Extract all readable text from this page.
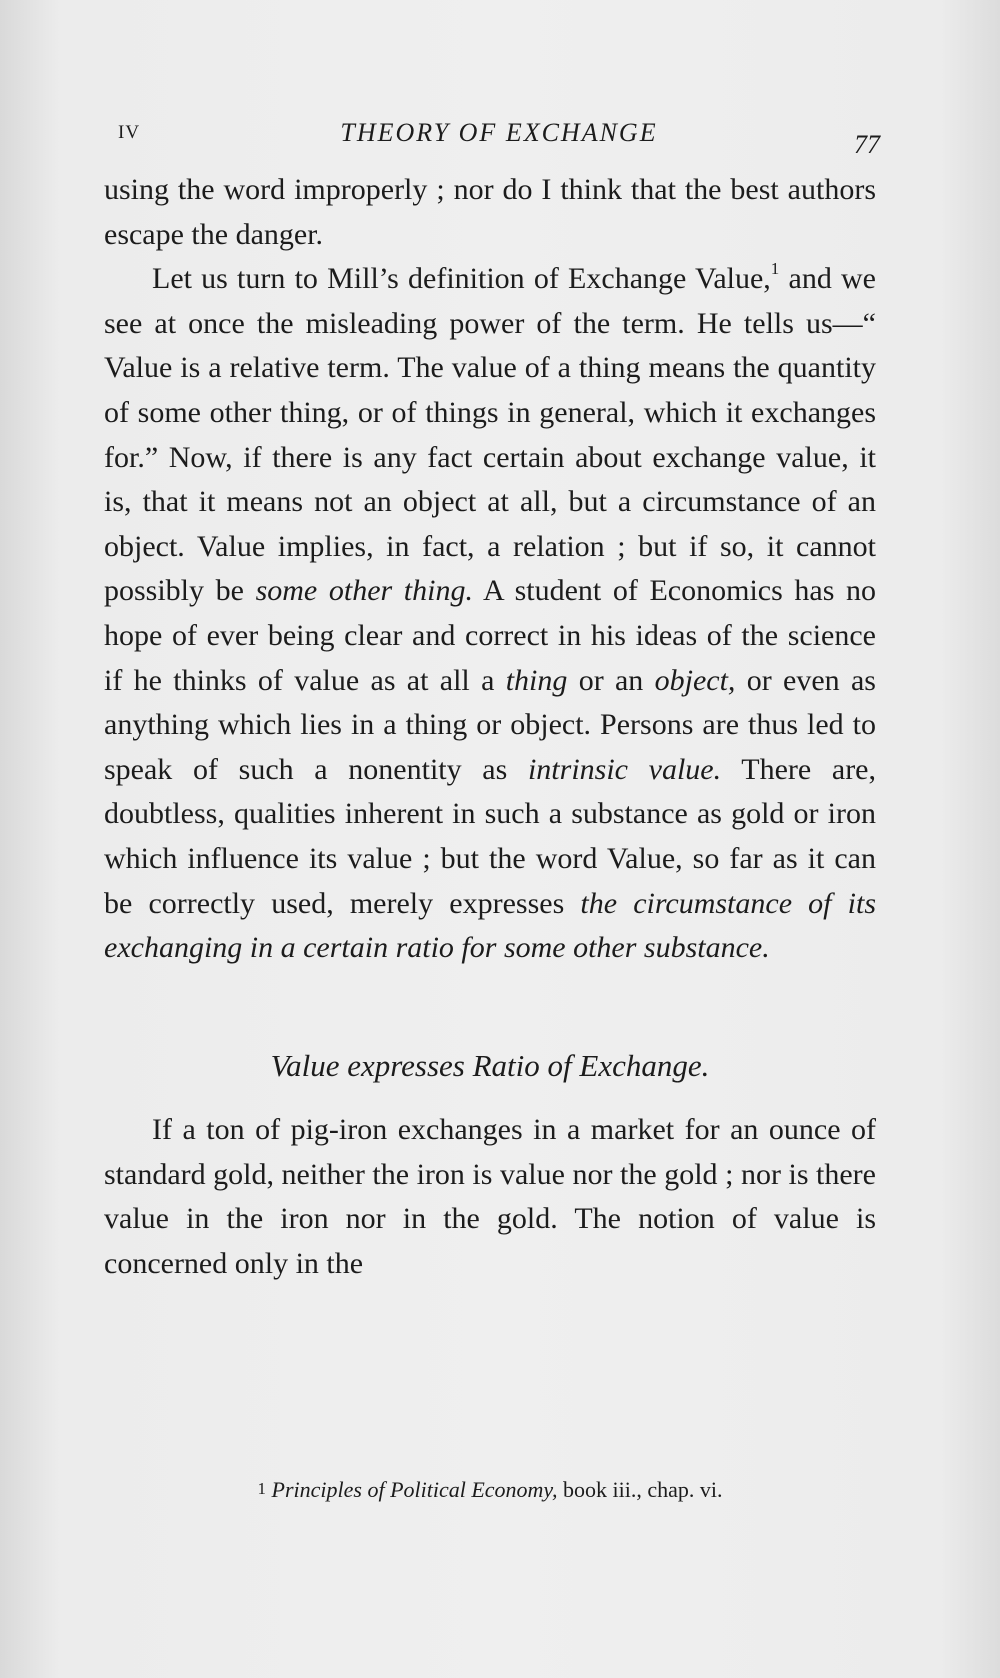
IV	THEORY OF EXCHANGE	77

using the word improperly ; nor do I think that the best authors escape the danger.

Let us turn to Mill’s definition of Exchange Value,$^1$ and we see at once the misleading power of the term. He tells us—“ Value is a relative term. The value of a thing means the quantity of some other thing, or of things in general, which it exchanges for.” Now, if there is any fact certain about exchange value, it is, that it means not an object at all, but a circumstance of an object. Value implies, in fact, a relation ; but if so, it cannot possibly be some other thing. A student of Economics has no hope of ever being clear and correct in his ideas of the science if he thinks of value as at all a thing or an object, or even as anything which lies in a thing or object. Persons are thus led to speak of such a nonentity as intrinsic value. There are, doubtless, qualities inherent in such a substance as gold or iron which influence its value ; but the word Value, so far as it can be correctly used, merely expresses the circumstance of its exchanging in a certain ratio for some other substance.

Value expresses Ratio of Exchange.

If a ton of pig-iron exchanges in a market for an ounce of standard gold, neither the iron is value nor the gold ; nor is there value in the iron nor in the gold. The notion of value is concerned only in the

$^1$ Principles of Political Economy, book iii., chap. vi.
